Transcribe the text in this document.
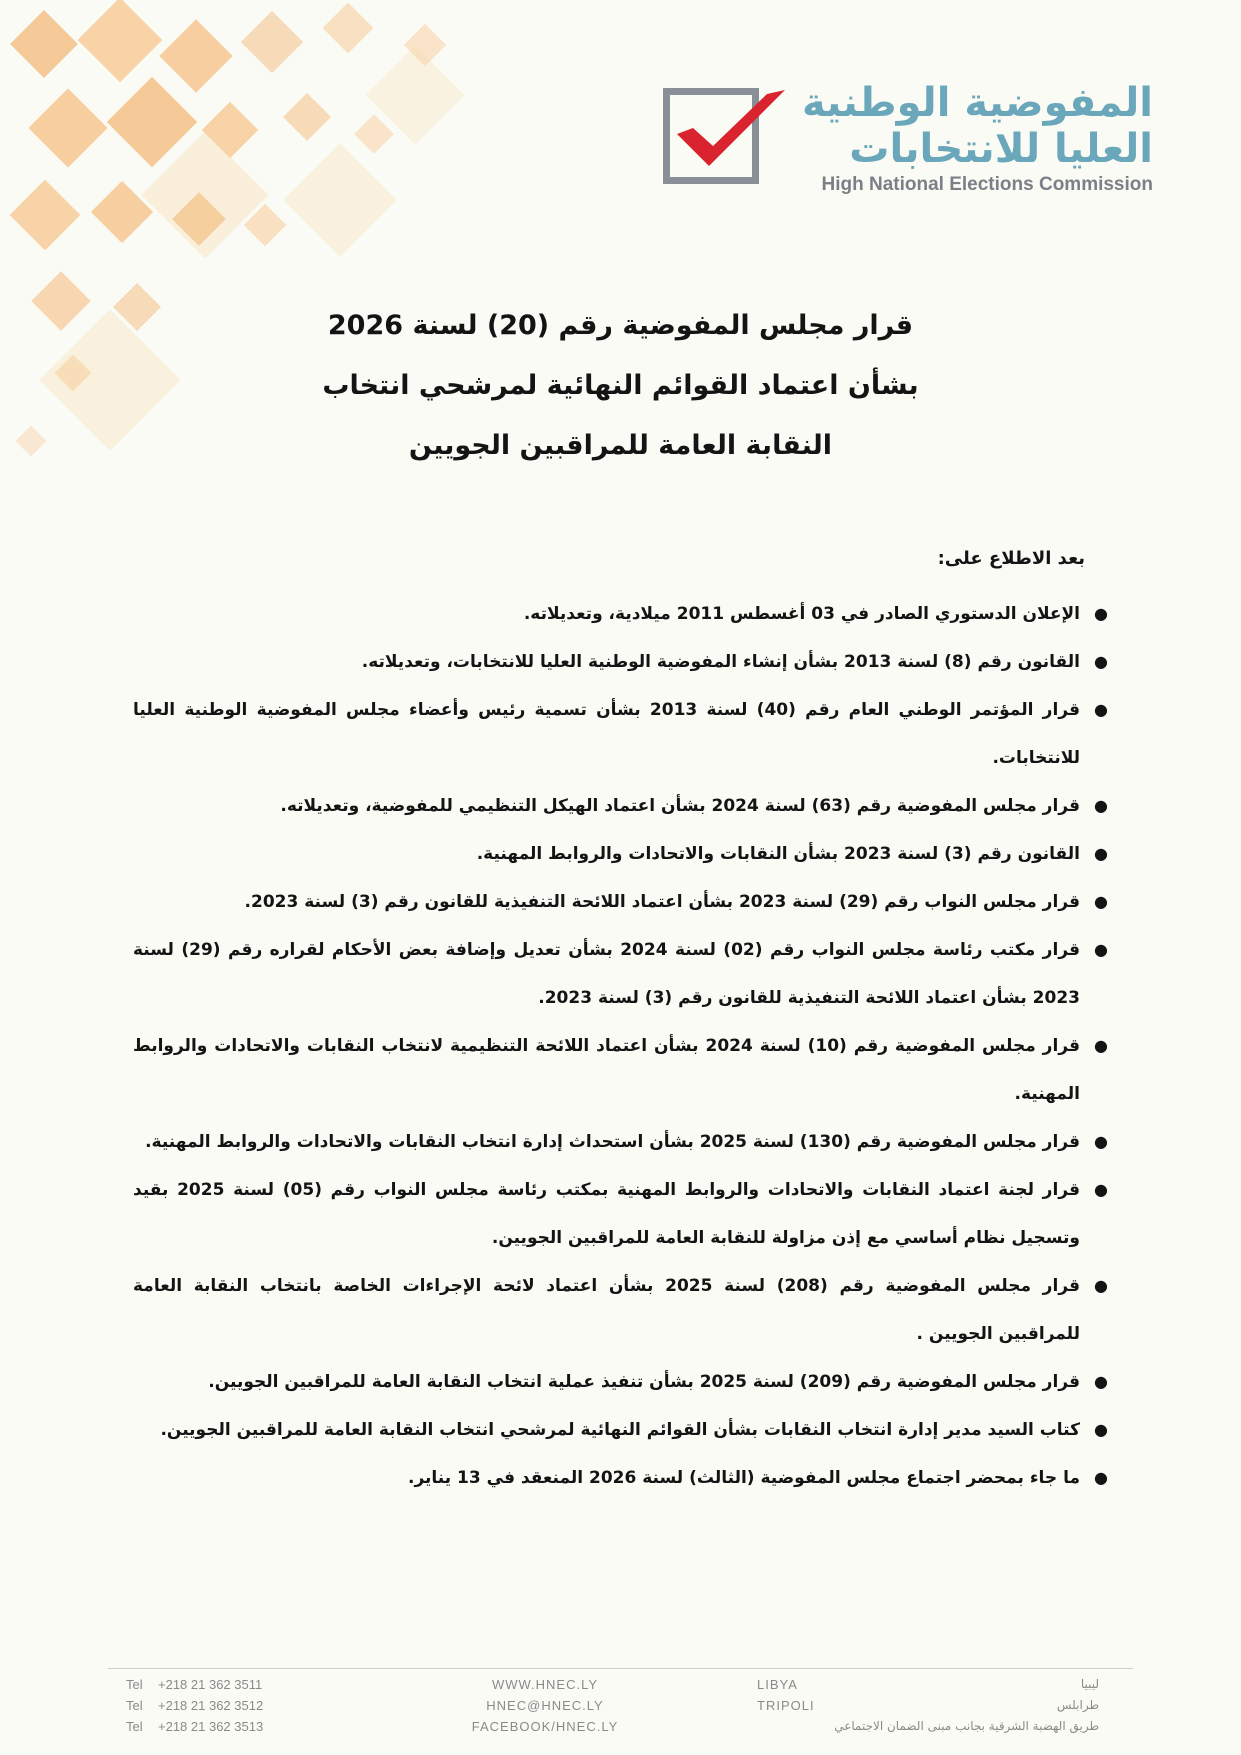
المفوضية الوطنية
العليا للانتخابات
High National Elections Commission
قرار مجلس المفوضية رقم (20) لسنة 2026
بشأن اعتماد القوائم النهائية لمرشحي انتخاب
النقابة العامة للمراقبين الجويين
بعد الاطلاع على:
●
الإعلان الدستوري الصادر في 03 أغسطس 2011 ميلادية، وتعديلاته.
●
القانون رقم (8) لسنة 2013 بشأن إنشاء المفوضية الوطنية العليا للانتخابات، وتعديلاته.
●
قرار المؤتمر الوطني العام رقم (40) لسنة 2013 بشأن تسمية رئيس وأعضاء مجلس المفوضية الوطنية العليا للانتخابات.
●
قرار مجلس المفوضية رقم (63) لسنة 2024 بشأن اعتماد الهيكل التنظيمي للمفوضية، وتعديلاته.
●
القانون رقم (3) لسنة 2023 بشأن النقابات والاتحادات والروابط المهنية.
●
قرار مجلس النواب رقم (29) لسنة 2023 بشأن اعتماد اللائحة التنفيذية للقانون رقم (3) لسنة 2023.
●
قرار مكتب رئاسة مجلس النواب رقم (02) لسنة 2024 بشأن تعديل وإضافة بعض الأحكام لقراره رقم (29) لسنة 2023 بشأن اعتماد اللائحة التنفيذية للقانون رقم (3) لسنة 2023.
●
قرار مجلس المفوضية رقم (10) لسنة 2024 بشأن اعتماد اللائحة التنظيمية لانتخاب النقابات والاتحادات والروابط المهنية.
●
قرار مجلس المفوضية رقم (130) لسنة 2025 بشأن استحداث إدارة انتخاب النقابات والاتحادات والروابط المهنية.
●
قرار لجنة اعتماد النقابات والاتحادات والروابط المهنية بمكتب رئاسة مجلس النواب رقم (05) لسنة 2025 بقيد وتسجيل نظام أساسي مع إذن مزاولة للنقابة العامة للمراقبين الجويين.
●
قرار مجلس المفوضية رقم (208) لسنة 2025 بشأن اعتماد لائحة الإجراءات الخاصة بانتخاب النقابة العامة للمراقبين الجويين .
●
قرار مجلس المفوضية رقم (209) لسنة 2025 بشأن تنفيذ عملية انتخاب النقابة العامة للمراقبين الجويين.
●
كتاب السيد مدير إدارة انتخاب النقابات بشأن القوائم النهائية لمرشحي انتخاب النقابة العامة للمراقبين الجويين.
●
ما جاء بمحضر اجتماع مجلس المفوضية (الثالث) لسنة 2026 المنعقد في 13 يناير.
Tel +218 21 362 3511
Tel +218 21 362 3512
Tel +218 21 362 3513
WWW.HNEC.LY
HNEC@HNEC.LY
FACEBOOK/HNEC.LY
LIBYA
TRIPOLI
ليبيا
طرابلس
طريق الهضبة الشرقية بجانب مبنى الضمان الاجتماعي
